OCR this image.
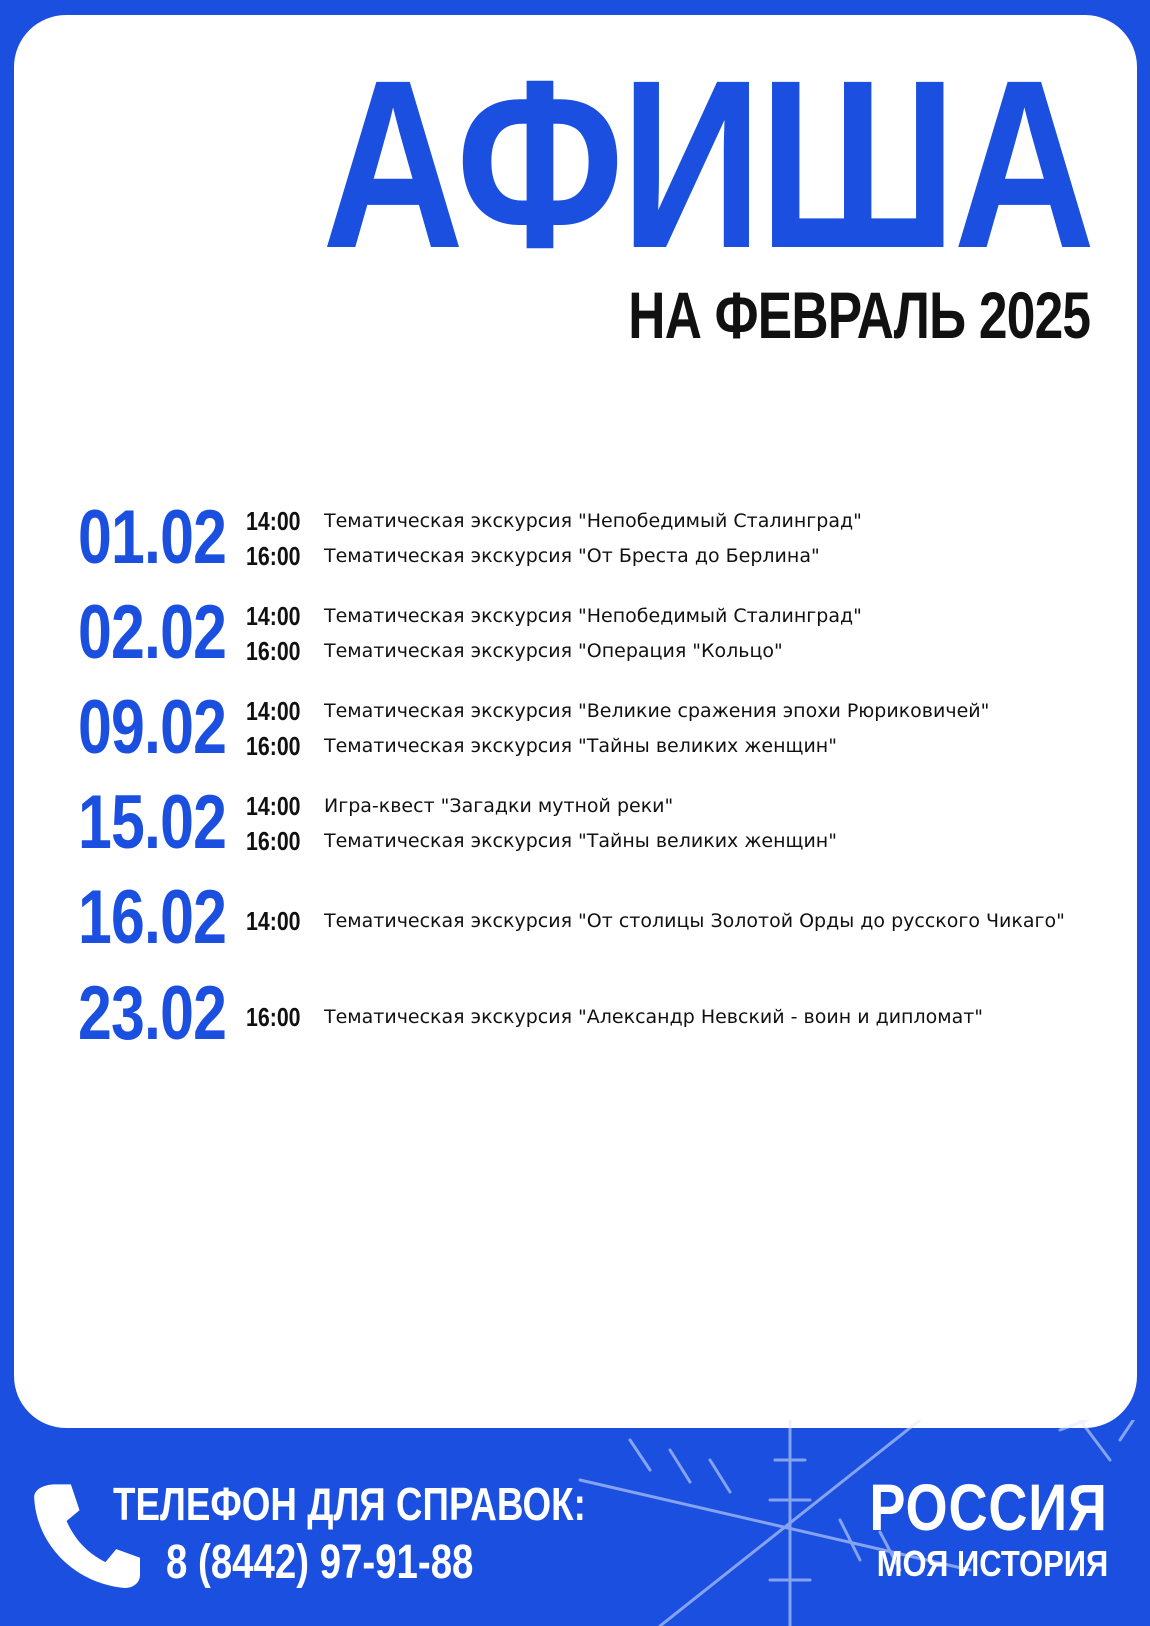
АФИША
НА ФЕВРАЛЬ 2025
01.02 14:00 Тематическая экскурсия "Непобедимый Сталинград"
16:00 Тематическая экскурсия "От Бреста до Берлина"
02.02 14:00 Тематическая экскурсия "Непобедимый Сталинград"
16:00 Тематическая экскурсия "Операция "Кольцо"
09.02 14:00 Тематическая экскурсия "Великие сражения эпохи Рюриковичей"
16:00 Тематическая экскурсия "Тайны великих женщин"
15.02 14:00 Игра-квест "Загадки мутной реки"
16:00 Тематическая экскурсия "Тайны великих женщин"
16.02 14:00 Тематическая экскурсия "От столицы Золотой Орды до русского Чикаго"
23.02 16:00 Тематическая экскурсия "Александр Невский - воин и дипломат"
ТЕЛЕФОН ДЛЯ СПРАВОК:
8 (8442) 97-91-88
РОССИЯ
МОЯ ИСТОРИЯ
